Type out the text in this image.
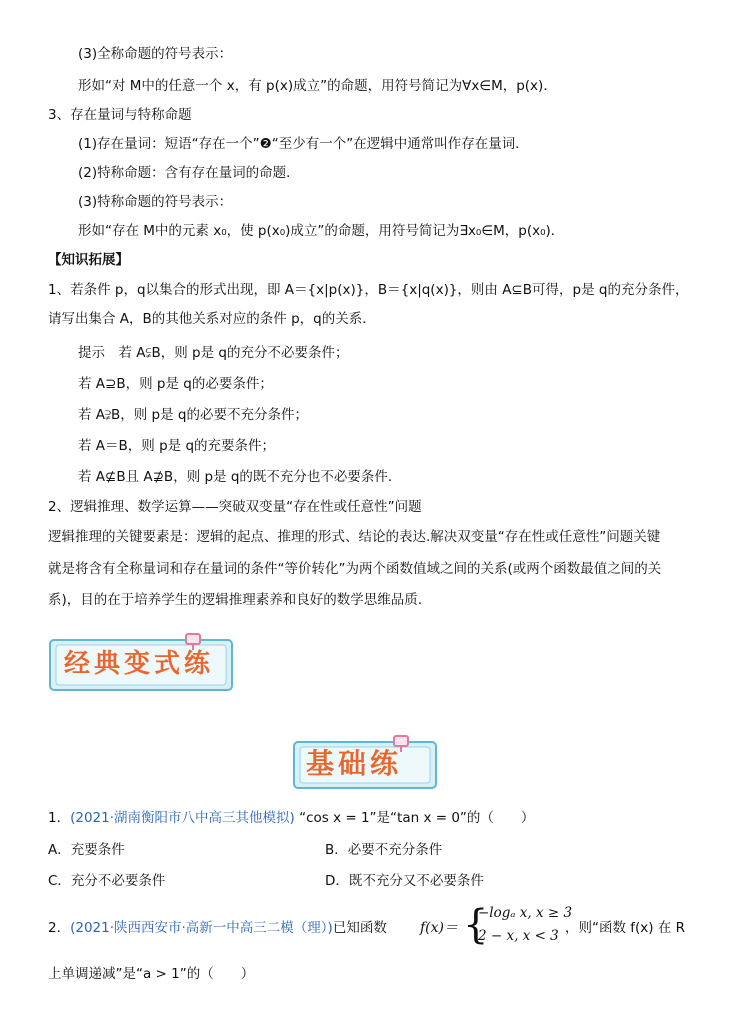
(3)全称命题的符号表示：
形如“对 M中的任意一个 x，有 p(x)成立”的命题，用符号简记为∀x∈M，p(x)．
3、存在量词与特称命题
(1)存在量词：短语“存在一个”❷“至少有一个”在逻辑中通常叫作存在量词．
(2)特称命题：含有存在量词的命题．
(3)特称命题的符号表示：
形如“存在 M中的元素 x₀，使 p(x₀)成立”的命题，用符号简记为∃x₀∈M，p(x₀)．
【知识拓展】
1、若条件 p，q以集合的形式出现，即 A＝{x|p(x)}，B＝{x|q(x)}，则由 A⊆B可得，p是 q的充分条件，
请写出集合 A，B的其他关系对应的条件 p，q的关系．
提示　若 A⫋B，则 p是 q的充分不必要条件；
若 A⊇B，则 p是 q的必要条件；
若 A⫌B，则 p是 q的必要不充分条件；
若 A＝B，则 p是 q的充要条件；
若 A⊈B且 A⊉B，则 p是 q的既不充分也不必要条件．
2、逻辑推理、数学运算——突破双变量“存在性或任意性”问题
逻辑推理的关键要素是：逻辑的起点、推理的形式、结论的表达.解决双变量“存在性或任意性”问题关键
就是将含有全称量词和存在量词的条件“等价转化”为两个函数值域之间的关系(或两个函数最值之间的关
系)，目的在于培养学生的逻辑推理素养和良好的数学思维品质.
经典变式练
基础练
1．(2021·湖南衡阳市八中高三其他模拟) “cos x = 1”是“tan x = 0”的（　　）
A．充要条件	B．必要不充分条件
C．充分不必要条件	D．既不充分又不必要条件
2．(2021·陕西西安市·高新一中高三二模（理）)已知函数 f(x)＝ {
−logₐ x, x ≥ 3
2 − x, x < 3 ，则“函数 f(x) 在 R
上单调递减”是“a > 1”的（　　）
